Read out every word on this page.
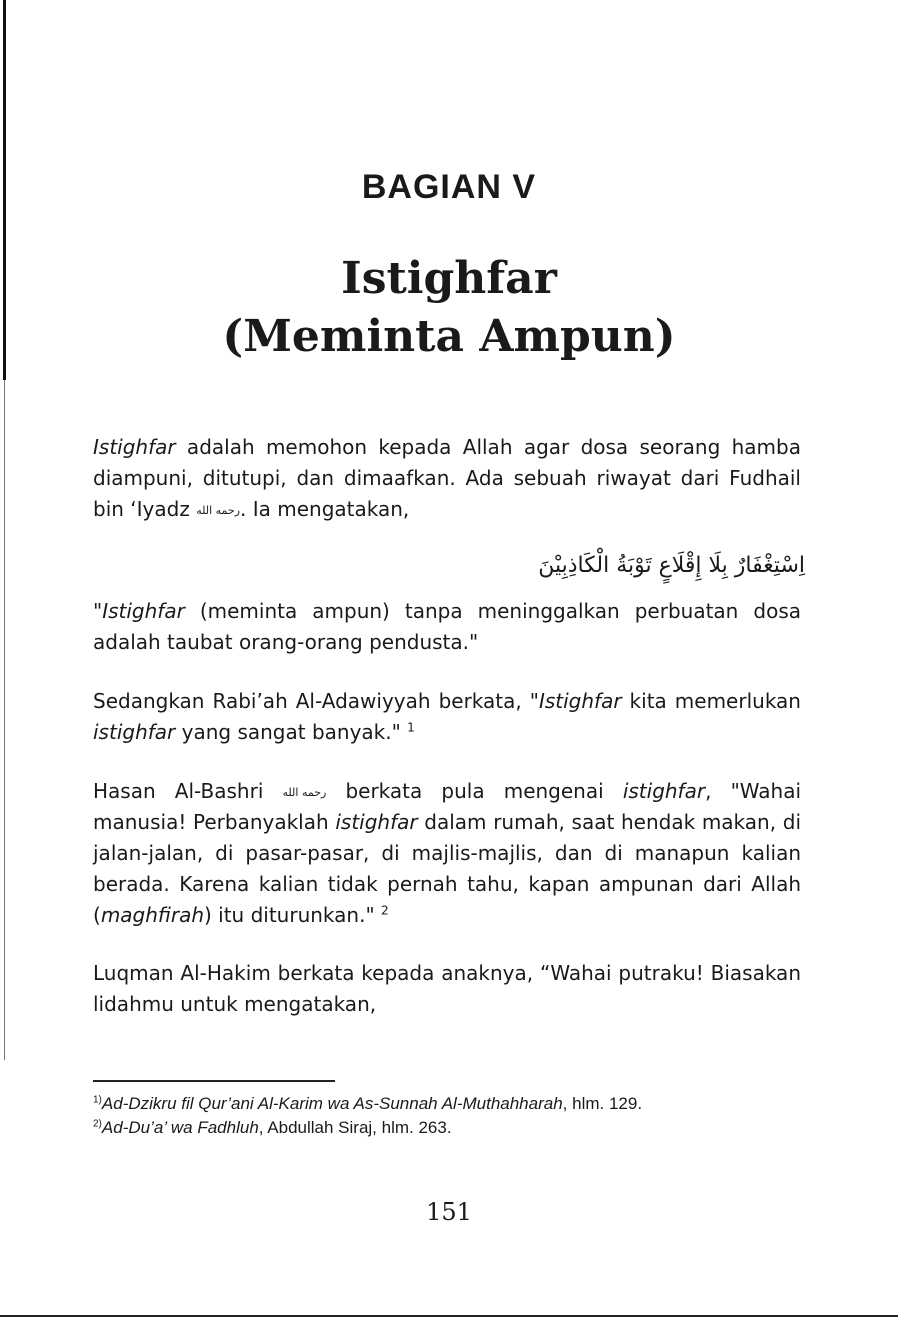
BAGIAN V
Istighfar
(Meminta Ampun)

Istighfar adalah memohon kepada Allah agar dosa seorang hamba diampuni, ditutupi, dan dimaafkan. Ada sebuah riwayat dari Fudhail bin ‘Iyadz رحمه الله. Ia mengatakan,

اِسْتِغْفَارٌ بِلَا إِقْلَاعٍ تَوْبَةُ الْكَاذِبِيْنَ

"Istighfar (meminta ampun) tanpa meninggalkan perbuatan dosa adalah taubat orang-orang pendusta."

Sedangkan Rabi’ah Al-Adawiyyah berkata, "Istighfar kita memerlukan istighfar yang sangat banyak." $^1$

Hasan Al-Bashri رحمه الله berkata pula mengenai istighfar, "Wahai manusia! Perbanyaklah istighfar dalam rumah, saat hendak makan, di jalan-jalan, di pasar-pasar, di majlis-majlis, dan di manapun kalian berada. Karena kalian tidak pernah tahu, kapan ampunan dari Allah (maghfirah) itu diturunkan." $^2$

Luqman Al-Hakim berkata kepada anaknya, “Wahai putraku! Biasakan lidahmu untuk mengatakan,

$^{1)}$Ad-Dzikru fil Qur’ani Al-Karim wa As-Sunnah Al-Muthahharah, hlm. 129.
$^{2)}$Ad-Du’a’ wa Fadhluh, Abdullah Siraj, hlm. 263.
151
